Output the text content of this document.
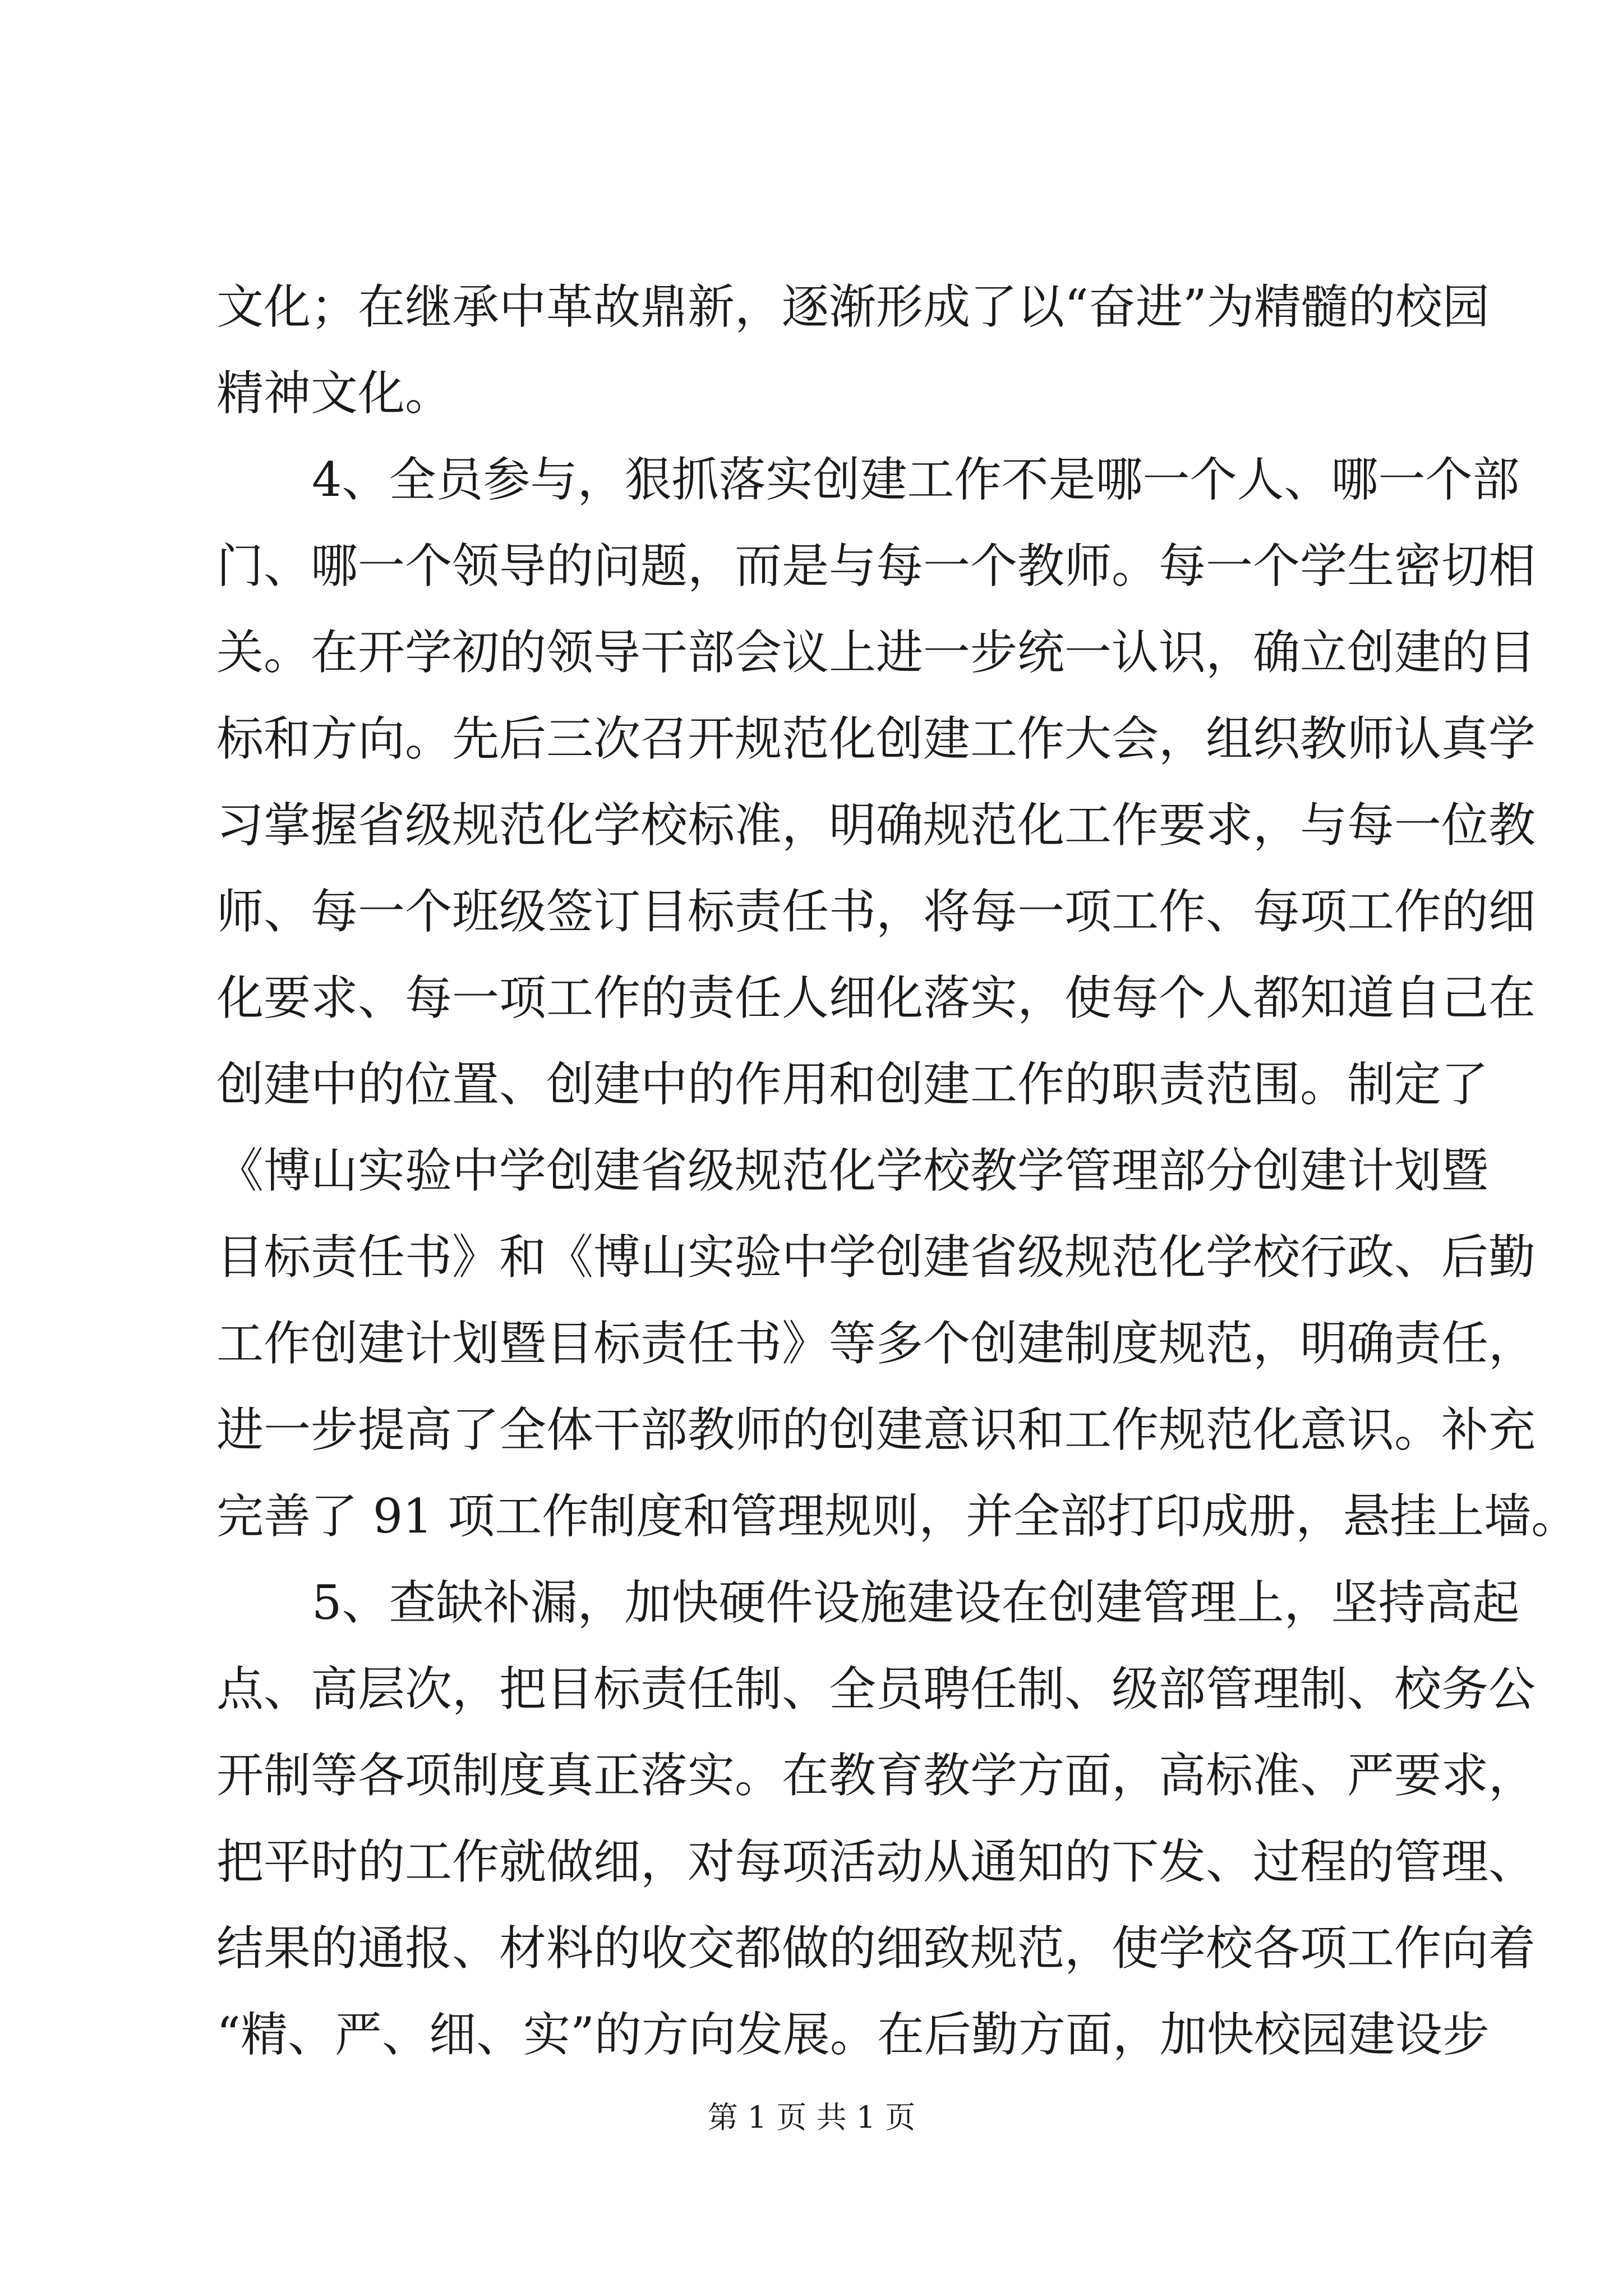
文化；在继承中革故鼎新，逐渐形成了以“奋进”为精髓的校园
精神文化。
4、全员参与，狠抓落实创建工作不是哪一个人、哪一个部
门、哪一个领导的问题，而是与每一个教师。每一个学生密切相
关。在开学初的领导干部会议上进一步统一认识，确立创建的目
标和方向。先后三次召开规范化创建工作大会，组织教师认真学
习掌握省级规范化学校标准，明确规范化工作要求，与每一位教
师、每一个班级签订目标责任书，将每一项工作、每项工作的细
化要求、每一项工作的责任人细化落实，使每个人都知道自己在
创建中的位置、创建中的作用和创建工作的职责范围。制定了
《博山实验中学创建省级规范化学校教学管理部分创建计划暨
目标责任书》和《博山实验中学创建省级规范化学校行政、后勤
工作创建计划暨目标责任书》等多个创建制度规范，明确责任，
进一步提高了全体干部教师的创建意识和工作规范化意识。补充
完善了 91 项工作制度和管理规则，并全部打印成册，悬挂上墙。
5、查缺补漏，加快硬件设施建设在创建管理上，坚持高起
点、高层次，把目标责任制、全员聘任制、级部管理制、校务公
开制等各项制度真正落实。在教育教学方面，高标准、严要求，
把平时的工作就做细，对每项活动从通知的下发、过程的管理、
结果的通报、材料的收交都做的细致规范，使学校各项工作向着
“精、严、细、实”的方向发展。在后勤方面，加快校园建设步
第 1 页 共 1 页
